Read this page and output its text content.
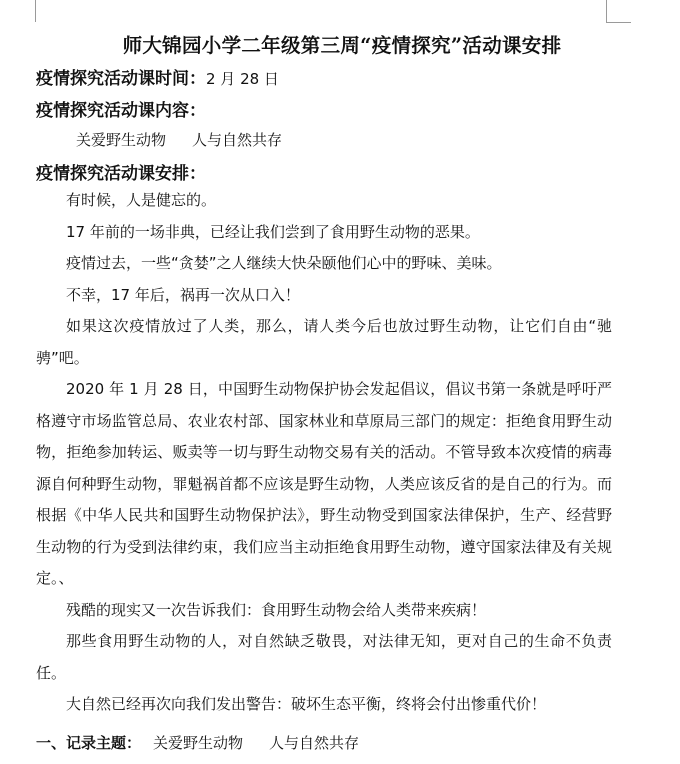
师大锦园小学二年级第三周“疫情探究”活动课安排
疫情探究活动课时间：2 月 28 日
疫情探究活动课内容：
关爱野生动物 人与自然共存
疫情探究活动课安排：

有时候，人是健忘的。

17 年前的一场非典，已经让我们尝到了食用野生动物的恶果。

疫情过去，一些“贪婪”之人继续大快朵颐他们心中的野味、美味。

不幸，17 年后，祸再一次从口入！

如果这次疫情放过了人类，那么，请人类今后也放过野生动物，让它们自由“驰骋”吧。

2020 年 1 月 28 日，中国野生动物保护协会发起倡议，倡议书第一条就是呼吁严格遵守市场监管总局、农业农村部、国家林业和草原局三部门的规定：拒绝食用野生动物，拒绝参加转运、贩卖等一切与野生动物交易有关的活动。不管导致本次疫情的病毒源自何种野生动物，罪魁祸首都不应该是野生动物，人类应该反省的是自己的行为。而根据《中华人民共和国野生动物保护法》，野生动物受到国家法律保护，生产、经营野生动物的行为受到法律约束，我们应当主动拒绝食用野生动物，遵守国家法律及有关规定。、

残酷的现实又一次告诉我们：食用野生动物会给人类带来疾病！

那些食用野生动物的人，对自然缺乏敬畏，对法律无知，更对自己的生命不负责任。

大自然已经再次向我们发出警告：破坏生态平衡，终将会付出惨重代价！

一、记录主题： 关爱野生动物 人与自然共存
